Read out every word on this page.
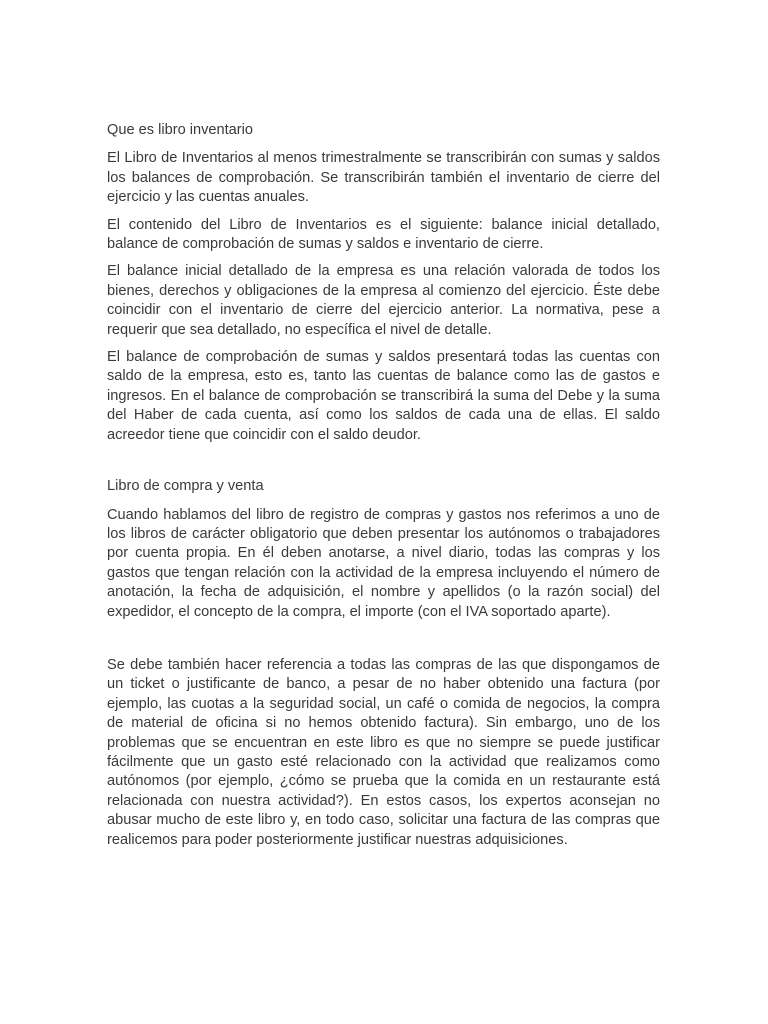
Que es libro inventario

El Libro de Inventarios al menos trimestralmente se transcribirán con sumas y saldos los balances de comprobación. Se transcribirán también el inventario de cierre del ejercicio y las cuentas anuales.

El contenido del Libro de Inventarios es el siguiente: balance inicial detallado, balance de comprobación de sumas y saldos e inventario de cierre.

El balance inicial detallado de la empresa es una relación valorada de todos los bienes, derechos y obligaciones de la empresa al comienzo del ejercicio. Éste debe coincidir con el inventario de cierre del ejercicio anterior. La normativa, pese a requerir que sea detallado, no específica el nivel de detalle.

El balance de comprobación de sumas y saldos presentará todas las cuentas con saldo de la empresa, esto es, tanto las cuentas de balance como las de gastos e ingresos. En el balance de comprobación se transcribirá la suma del Debe y la suma del Haber de cada cuenta, así como los saldos de cada una de ellas. El saldo acreedor tiene que coincidir con el saldo deudor.

Libro de compra y venta

Cuando hablamos del libro de registro de compras y gastos nos referimos a uno de los libros de carácter obligatorio que deben presentar los autónomos o trabajadores por cuenta propia. En él deben anotarse, a nivel diario, todas las compras y los gastos que tengan relación con la actividad de la empresa incluyendo el número de anotación, la fecha de adquisición, el nombre y apellidos (o la razón social) del expedidor, el concepto de la compra, el importe (con el IVA soportado aparte).

Se debe también hacer referencia a todas las compras de las que dispongamos de un ticket o justificante de banco, a pesar de no haber obtenido una factura (por ejemplo, las cuotas a la seguridad social, un café o comida de negocios, la compra de material de oficina si no hemos obtenido factura). Sin embargo, uno de los problemas que se encuentran en este libro es que no siempre se puede justificar fácilmente que un gasto esté relacionado con la actividad que realizamos como autónomos (por ejemplo, ¿cómo se prueba que la comida en un restaurante está relacionada con nuestra actividad?). En estos casos, los expertos aconsejan no abusar mucho de este libro y, en todo caso, solicitar una factura de las compras que realicemos para poder posteriormente justificar nuestras adquisiciones.
